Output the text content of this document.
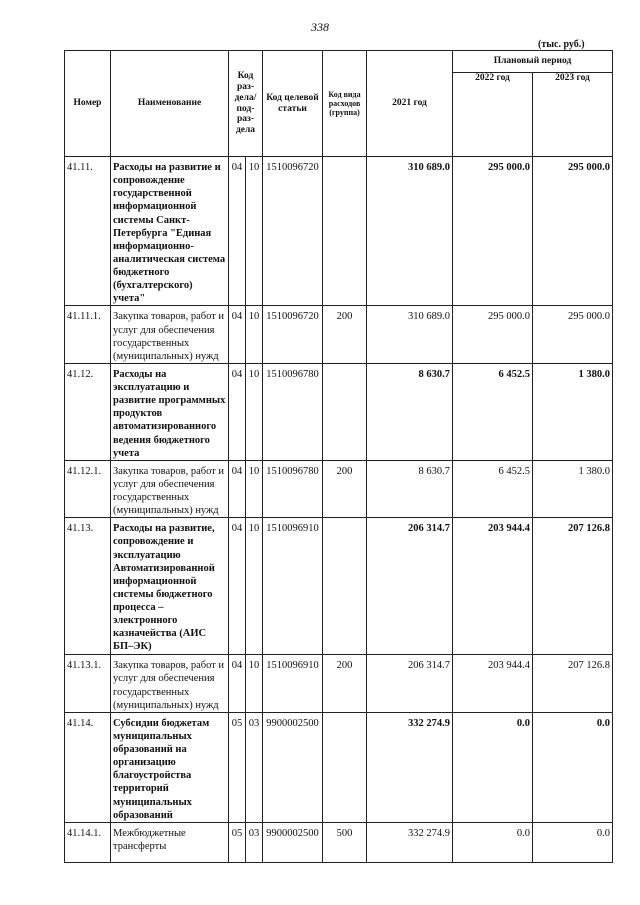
338
(тыс. руб.)
Номер	Наименование	Код раз-дела/ под-раз-дела		Код целевой статьи	Код вида расходов (группа)	2021 год	Плановый период	
							2022 год	2023 год
41.11.	Расходы на развитие и сопровождение государственной информационной системы Санкт-Петербурга "Единая информационно-аналитическая система бюджетного (бухгалтерского) учета"	04	10	1510096720		310 689.0	295 000.0	295 000.0
41.11.1.	Закупка товаров, работ и услуг для обеспечения государственных (муниципальных) нужд	04	10	1510096720	200	310 689.0	295 000.0	295 000.0
41.12.	Расходы на эксплуатацию и развитие программных продуктов автоматизированного ведения бюджетного учета	04	10	1510096780		8 630.7	6 452.5	1 380.0
41.12.1.	Закупка товаров, работ и услуг для обеспечения государственных (муниципальных) нужд	04	10	1510096780	200	8 630.7	6 452.5	1 380.0
41.13.	Расходы на развитие, сопровождение и эксплуатацию Автоматизированной информационной системы бюджетного процесса – электронного казначейства (АИС БП–ЭК)	04	10	1510096910		206 314.7	203 944.4	207 126.8
41.13.1.	Закупка товаров, работ и услуг для обеспечения государственных (муниципальных) нужд	04	10	1510096910	200	206 314.7	203 944.4	207 126.8
41.14.	Субсидии бюджетам муниципальных образований на организацию благоустройства территорий муниципальных образований	05	03	9900002500		332 274.9	0.0	0.0
41.14.1.	Межбюджетные трансферты	05	03	9900002500	500	332 274.9	0.0	0.0
